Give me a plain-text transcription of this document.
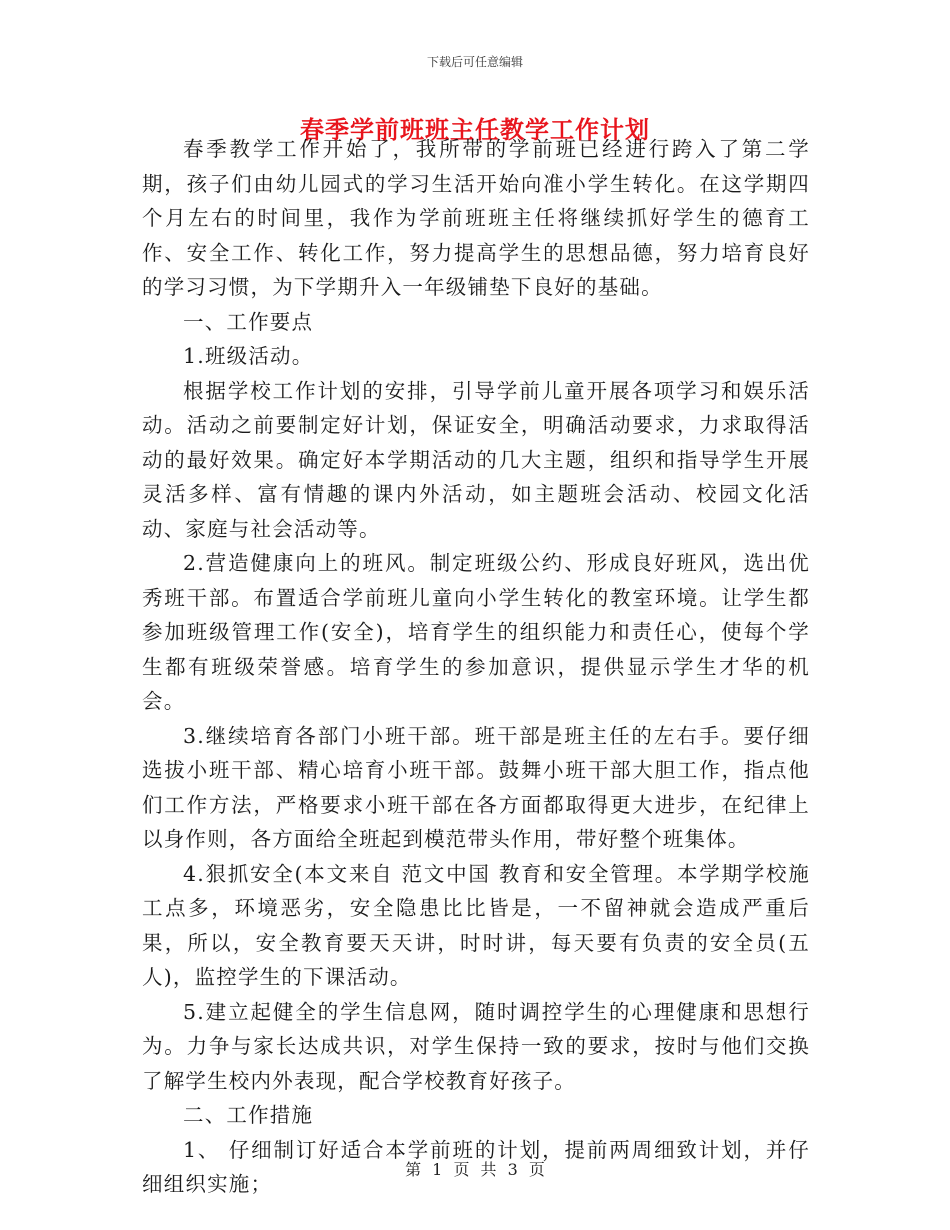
下载后可任意编辑
春季学前班班主任教学工作计划

春季教学工作开始了，我所带的学前班已经进行跨入了第二学期，孩子们由幼儿园式的学习生活开始向准小学生转化。在这学期四个月左右的时间里，我作为学前班班主任将继续抓好学生的德育工作、安全工作、转化工作，努力提高学生的思想品德，努力培育良好的学习习惯，为下学期升入一年级铺垫下良好的基础。

一、工作要点

1.班级活动。

根据学校工作计划的安排，引导学前儿童开展各项学习和娱乐活动。活动之前要制定好计划，保证安全，明确活动要求，力求取得活动的最好效果。确定好本学期活动的几大主题，组织和指导学生开展灵活多样、富有情趣的课内外活动，如主题班会活动、校园文化活动、家庭与社会活动等。

2.营造健康向上的班风。制定班级公约、形成良好班风，选出优秀班干部。布置适合学前班儿童向小学生转化的教室环境。让学生都参加班级管理工作(安全)，培育学生的组织能力和责任心，使每个学生都有班级荣誉感。培育学生的参加意识，提供显示学生才华的机会。

3.继续培育各部门小班干部。班干部是班主任的左右手。要仔细选拔小班干部、精心培育小班干部。鼓舞小班干部大胆工作，指点他们工作方法，严格要求小班干部在各方面都取得更大进步，在纪律上以身作则，各方面给全班起到模范带头作用，带好整个班集体。

4.狠抓安全(本文来自 范文中国 教育和安全管理。本学期学校施工点多，环境恶劣，安全隐患比比皆是，一不留神就会造成严重后果，所以，安全教育要天天讲，时时讲，每天要有负责的安全员(五人)，监控学生的下课活动。

5.建立起健全的学生信息网，随时调控学生的心理健康和思想行为。力争与家长达成共识，对学生保持一致的要求，按时与他们交换了解学生校内外表现，配合学校教育好孩子。

二、工作措施

1、 仔细制订好适合本学前班的计划，提前两周细致计划，并仔细组织实施；

第 1 页 共 3 页
